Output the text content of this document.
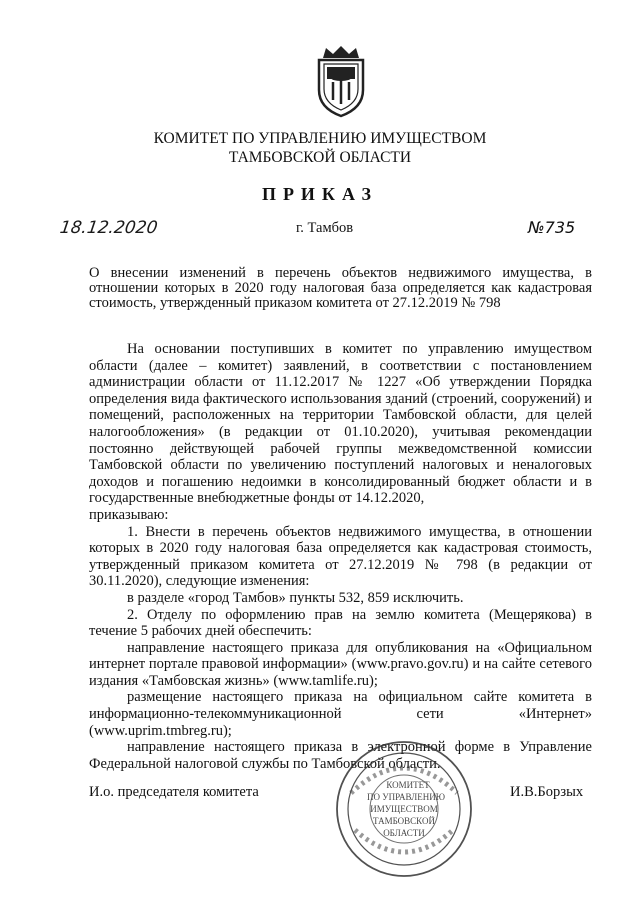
КОМИТЕТ ПО УПРАВЛЕНИЮ ИМУЩЕСТВОМ
ТАМБОВСКОЙ ОБЛАСТИ
ПРИКАЗ
18.12.2020	г. Тамбов	№735
О внесении изменений в перечень объектов недвижимого имущества, в отношении которых в 2020 году налоговая база определяется как кадастровая стоимость, утвержденный приказом комитета от 27.12.2019 № 798

На основании поступивших в комитет по управлению имуществом области (далее – комитет) заявлений, в соответствии с постановлением администрации области от 11.12.2017 № 1227 «Об утверждении Порядка определения вида фактического использования зданий (строений, сооружений) и помещений, расположенных на территории Тамбовской области, для целей налогообложения» (в редакции от 01.10.2020), учитывая рекомендации постоянно действующей рабочей группы межведомственной комиссии Тамбовской области по увеличению поступлений налоговых и неналоговых доходов и погашению недоимки в консолидированный бюджет области и в государственные внебюджетные фонды от 14.12.2020,

приказываю:

1. Внести в перечень объектов недвижимого имущества, в отношении которых в 2020 году налоговая база определяется как кадастровая стоимость, утвержденный приказом комитета от 27.12.2019 № 798 (в редакции от 30.11.2020), следующие изменения:

в разделе «город Тамбов» пункты 532, 859 исключить.

2. Отделу по оформлению прав на землю комитета (Мещерякова) в течение 5 рабочих дней обеспечить:

направление настоящего приказа для опубликования на «Официальном интернет портале правовой информации» (www.pravo.gov.ru) и на сайте сетевого издания «Тамбовская жизнь» (www.tamlife.ru);

размещение настоящего приказа на официальном сайте комитета в информационно-телекоммуникационной сети «Интернет» (www.uprim.tmbreg.ru);

направление настоящего приказа в электронной форме в Управление Федеральной налоговой службы по Тамбовской области.

И.о. председателя комитета	И.В.Борзых
КОМИТЕТ
ПО УПРАВЛЕНИЮ
ИМУЩЕСТВОМ
ТАМБОВСКОЙ
ОБЛАСТИ
